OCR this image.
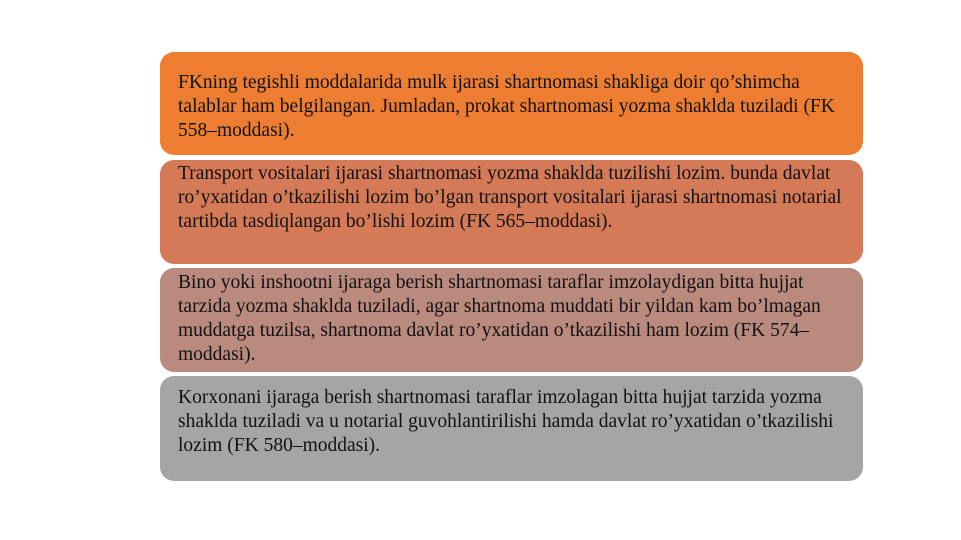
FKning tegishli moddalarida mulk ijarasi shartnomasi shakliga doir qo’shimcha talablar ham belgilangan. Jumladan, prokat shartnomasi yozma shaklda tuziladi (FK 558–moddasi).
Transport vositalari ijarasi shartnomasi yozma shaklda tuzilishi lozim. bunda davlat ro’yxatidan o’tkazilishi lozim bo’lgan transport vositalari ijarasi shartnomasi notarial tartibda tasdiqlangan bo’lishi lozim (FK 565–moddasi).
Bino yoki inshootni ijaraga berish shartnomasi taraflar imzolaydigan bitta hujjat tarzida yozma shaklda tuziladi, agar shartnoma muddati bir yildan kam bo’lmagan muddatga tuzilsa, shartnoma davlat ro’yxatidan o’tkazilishi ham lozim (FK 574–moddasi).
Korxonani ijaraga berish shartnomasi taraflar imzolagan bitta hujjat tarzida yozma shaklda tuziladi va u notarial guvohlantirilishi hamda davlat ro’yxatidan o’tkazilishi lozim (FK 580–moddasi).
